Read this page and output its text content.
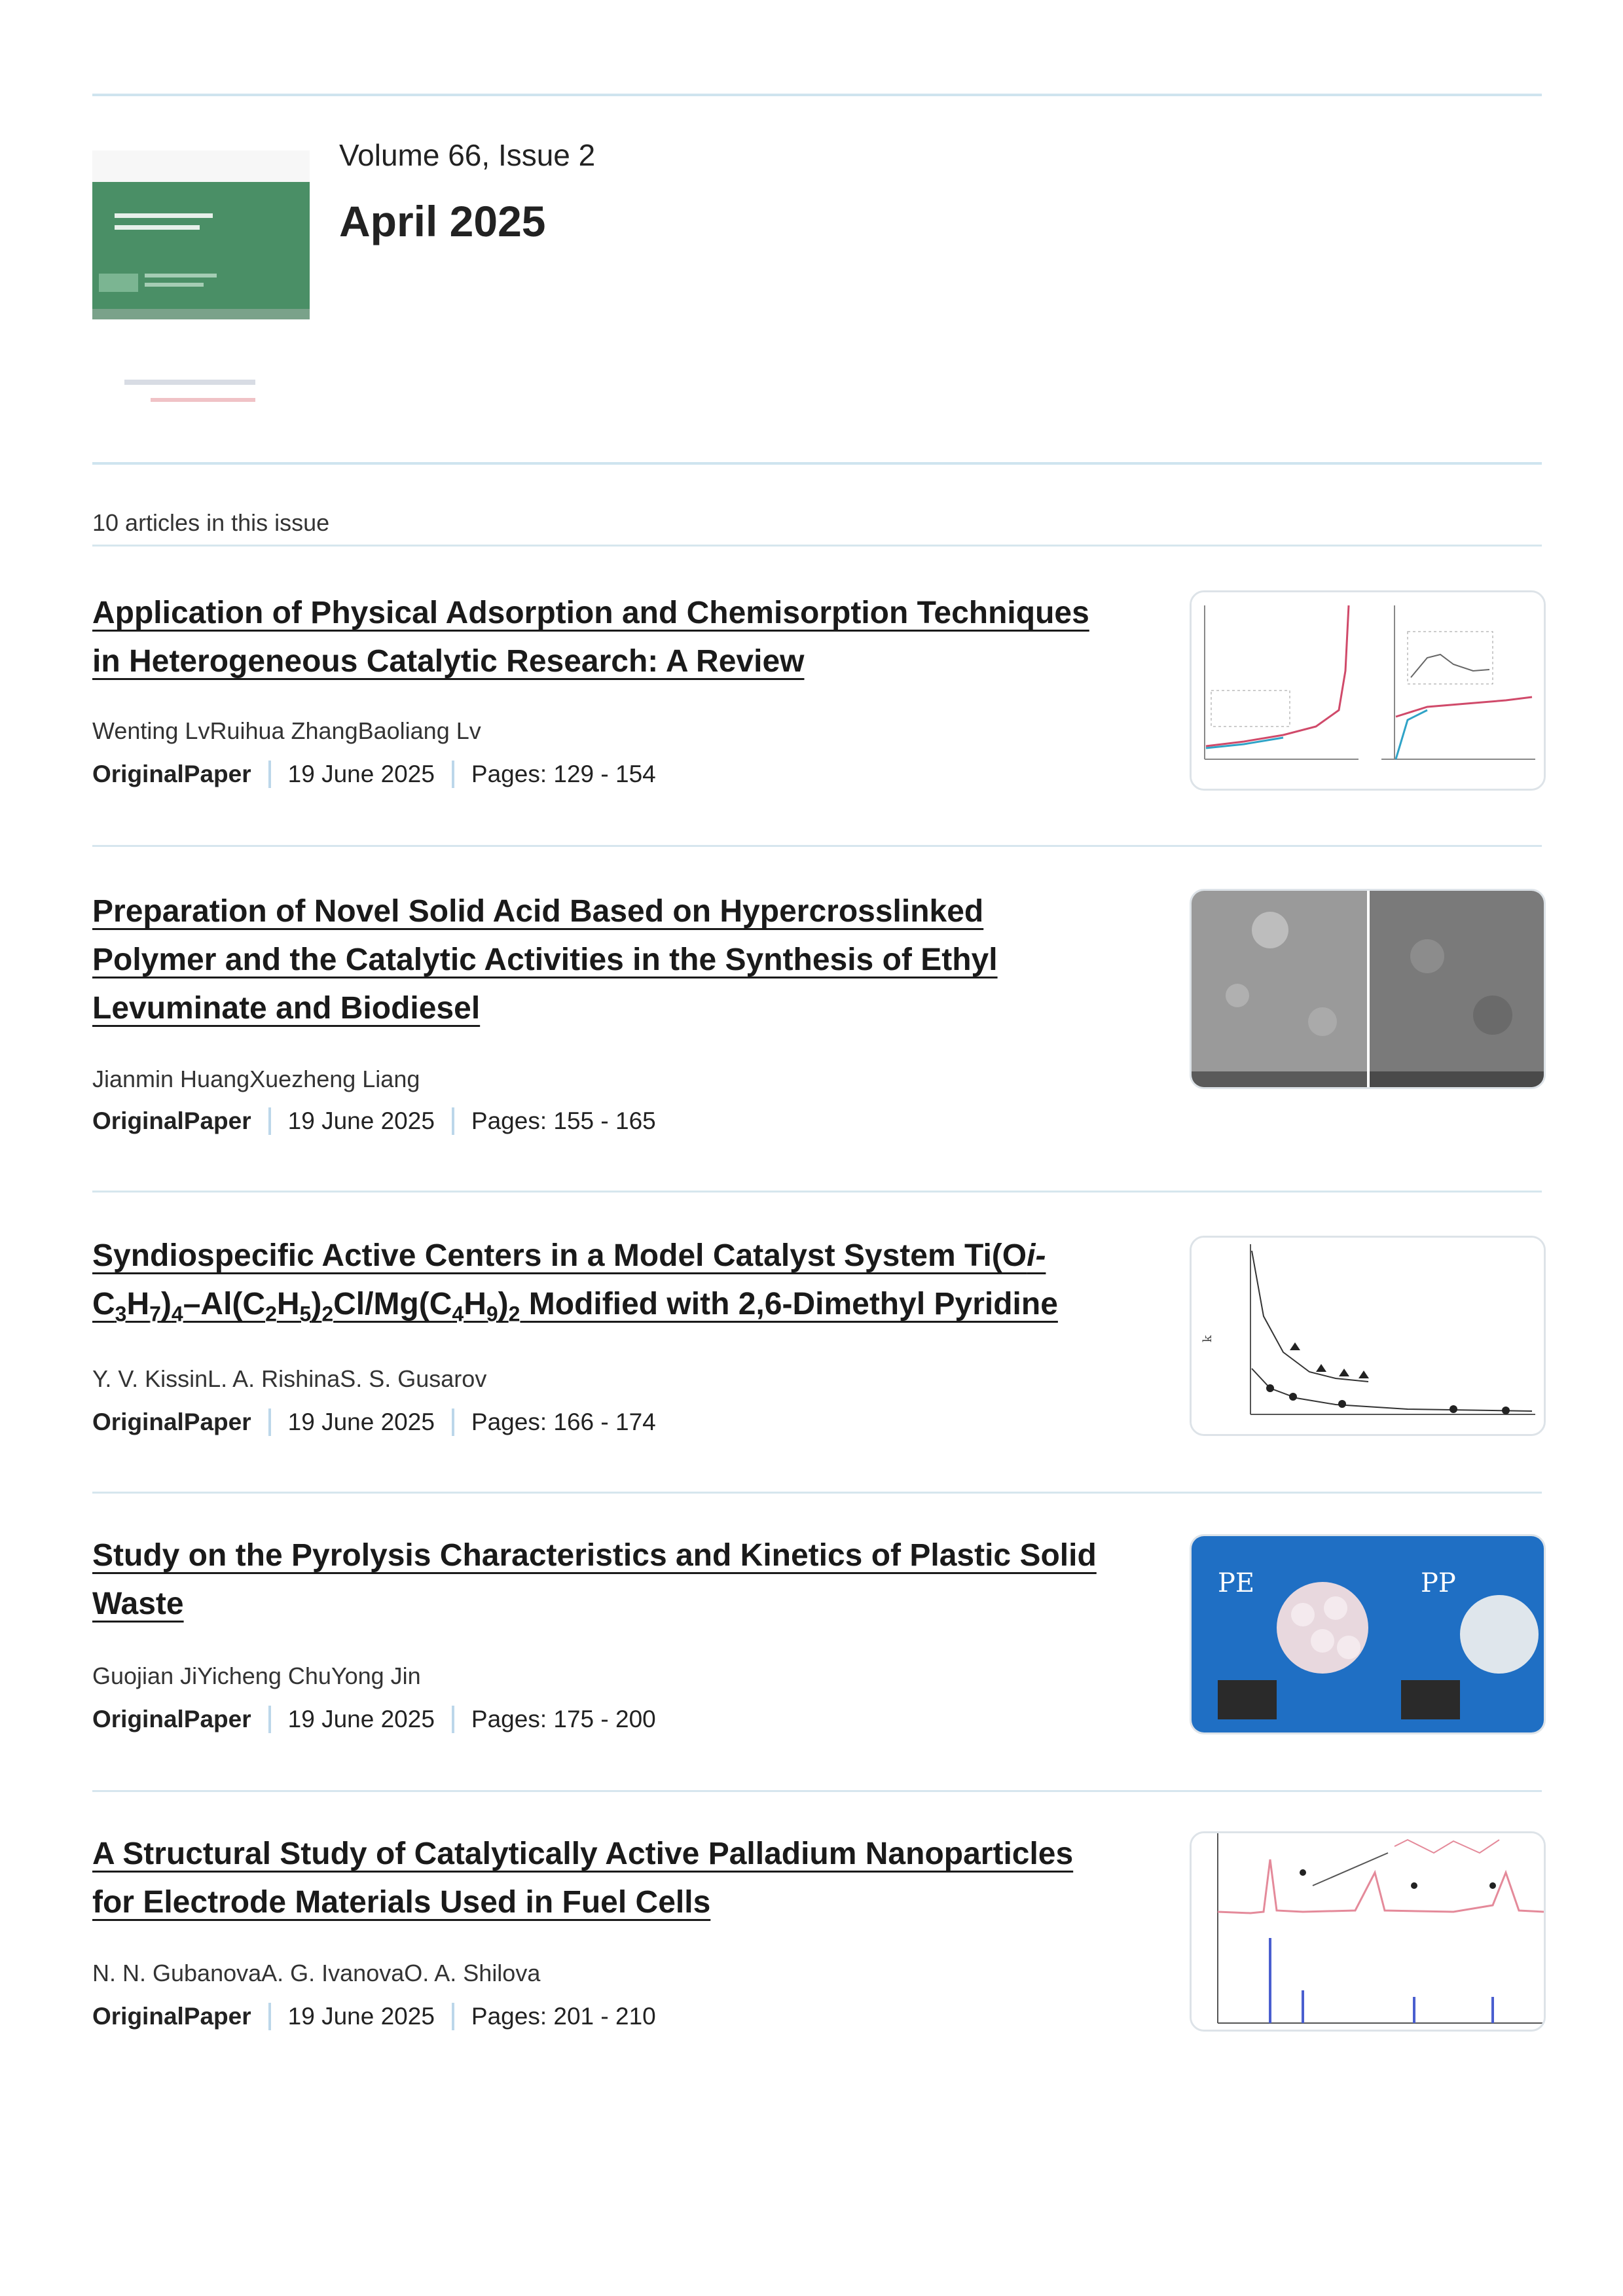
Volume 66, Issue 2
April 2025
10 articles in this issue
Application of Physical Adsorption and Chemisorption Techniques
in Heterogeneous Catalytic Research: A Review
Wenting LvRuihua ZhangBaoliang Lv
OriginalPaper 19 June 2025 Pages: 129 - 154
Preparation of Novel Solid Acid Based on Hypercrosslinked
Polymer and the Catalytic Activities in the Synthesis of Ethyl
Levuminate and Biodiesel
Jianmin HuangXuezheng Liang
OriginalPaper 19 June 2025 Pages: 155 - 165
Syndiospecific Active Centers in a Model Catalyst System Ti(Oi-
$C_3H_7)_4-Al(C_2H_5)_2Cl/Mg(C_4H_9)_2$ Modified with 2,6-Dimethyl Pyridine
Y. V. KissinL. A. RishinaS. S. Gusarov
OriginalPaper 19 June 2025 Pages: 166 - 174
k
Study on the Pyrolysis Characteristics and Kinetics of Plastic Solid
Waste
Guojian JiYicheng ChuYong Jin
OriginalPaper 19 June 2025 Pages: 175 - 200
PE	PP
A Structural Study of Catalytically Active Palladium Nanoparticles
for Electrode Materials Used in Fuel Cells
N. N. GubanovaA. G. IvanovaO. A. Shilova
OriginalPaper 19 June 2025 Pages: 201 - 210
